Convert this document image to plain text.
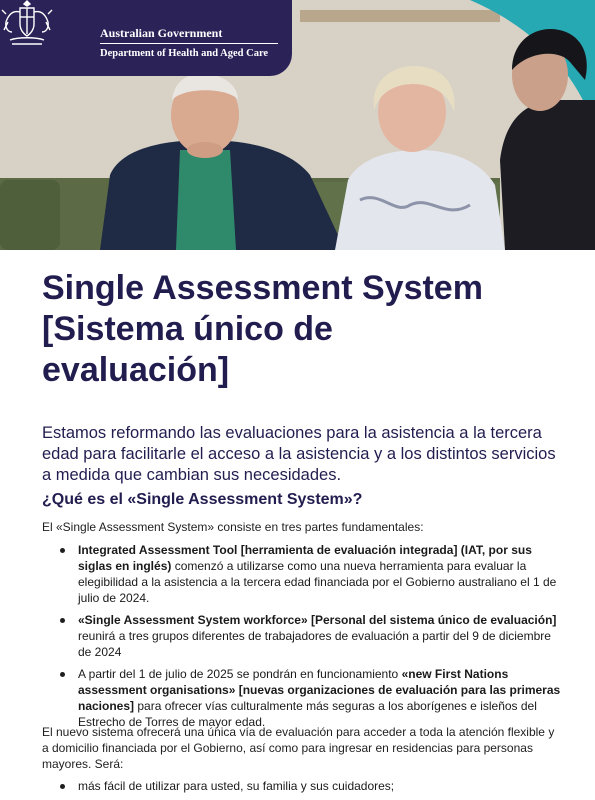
Australian Government
Department of Health and Aged Care
Single Assessment System
[Sistema único de
evaluación]

Estamos reformando las evaluaciones para la asistencia a la tercera edad para facilitarle el acceso a la asistencia y a los distintos servicios a medida que cambian sus necesidades.

¿Qué es el «Single Assessment System»?

El «Single Assessment System» consiste en tres partes fundamentales:

Integrated Assessment Tool [herramienta de evaluación integrada] (IAT, por sus siglas en inglés) comenzó a utilizarse como una nueva herramienta para evaluar la elegibilidad a la asistencia a la tercera edad financiada por el Gobierno australiano el 1 de julio de 2024.
«Single Assessment System workforce» [Personal del sistema único de evaluación] reunirá a tres grupos diferentes de trabajadores de evaluación a partir del 9 de diciembre de 2024
A partir del 1 de julio de 2025 se pondrán en funcionamiento «new First Nations assessment organisations» [nuevas organizaciones de evaluación para las primeras naciones] para ofrecer vías culturalmente más seguras a los aborígenes e isleños del Estrecho de Torres de mayor edad.

El nuevo sistema ofrecerá una única vía de evaluación para acceder a toda la atención flexible y a domicilio financiada por el Gobierno, así como para ingresar en residencias para personas mayores. Será:

más fácil de utilizar para usted, su familia y sus cuidadores;
